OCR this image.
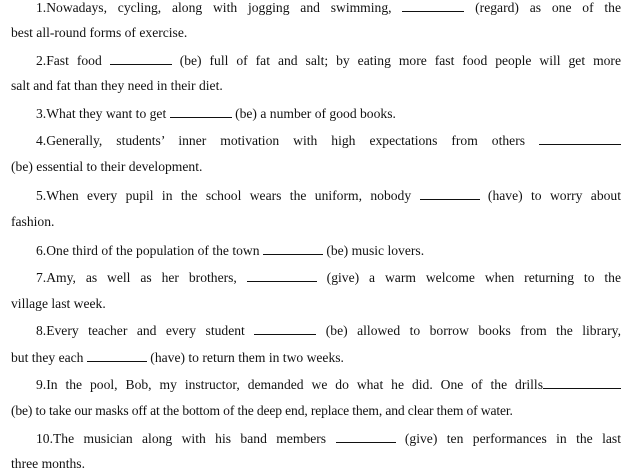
1.Nowadays, cycling, along with jogging and swimming,	(regard) as one of the
best all-round forms of exercise.
2.Fast food	(be) full of fat and salt; by eating more fast food people will get more
salt and fat than they need in their diet.
3.What they want to get	(be) a number of good books.
4.Generally, students’ inner motivation with high expectations from others
(be) essential to their development.
5.When every pupil in the school wears the uniform, nobody	(have) to worry about
fashion.
6.One third of the population of the town	(be) music lovers.
7.Amy, as well as her brothers,	(give) a warm welcome when returning to the
village last week.
8.Every teacher and every student	(be) allowed to borrow books from the library,
but they each	(have) to return them in two weeks.
9.In the pool, Bob, my instructor, demanded we do what he did. One of the drills
(be) to take our masks off at the bottom of the deep end, replace them, and clear them of water.
10.The musician along with his band members	(give) ten performances in the last
three months.
